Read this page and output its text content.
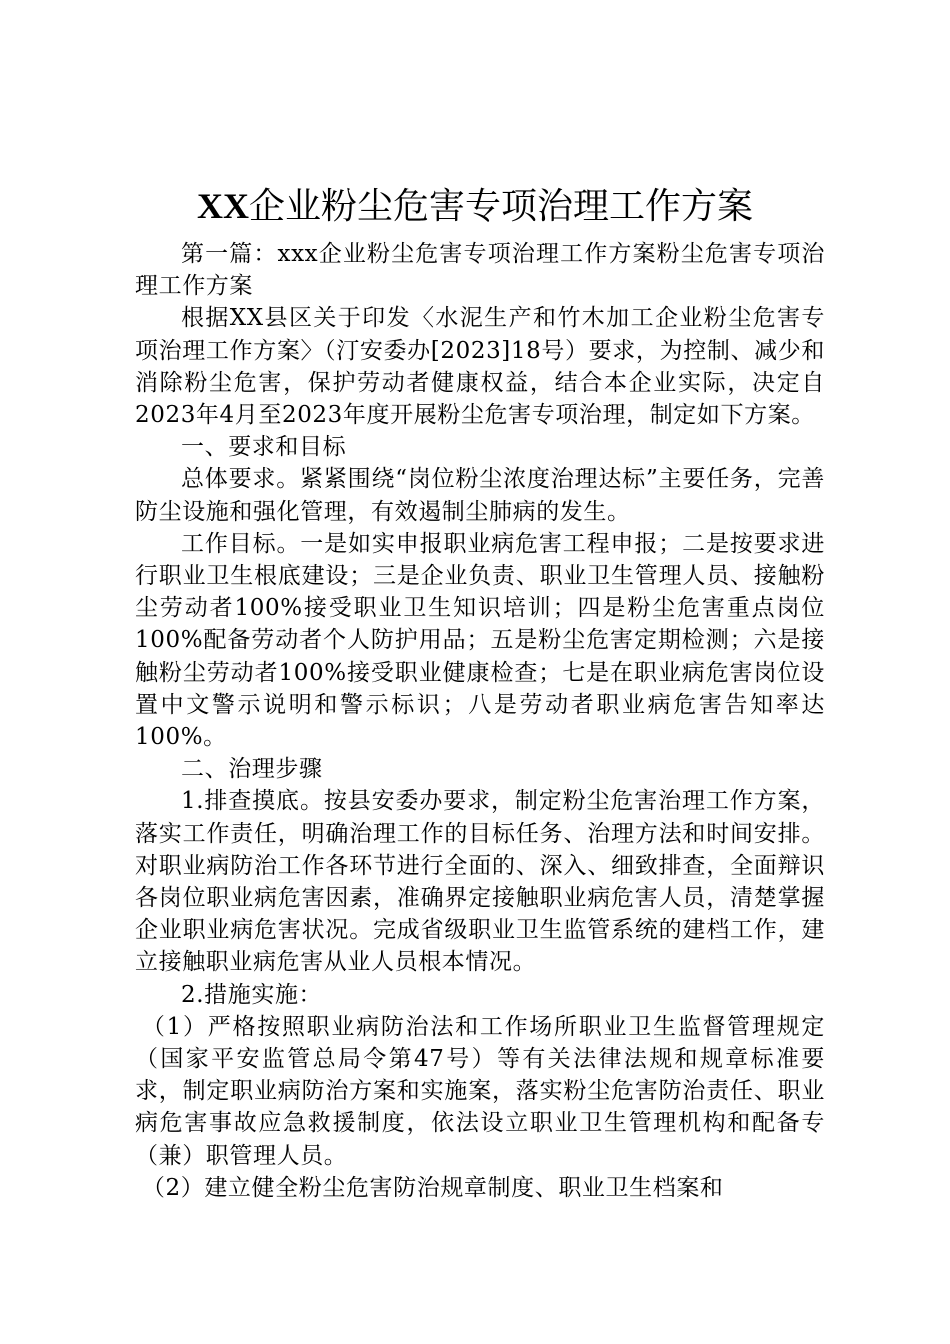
XX企业粉尘危害专项治理工作方案

第一篇：xxx企业粉尘危害专项治理工作方案粉尘危害专项治理工作方案

根据XX县区关于印发〈水泥生产和竹木加工企业粉尘危害专项治理工作方案〉（汀安委办[2023]18号）要求，为控制、减少和消除粉尘危害，保护劳动者健康权益，结合本企业实际，决定自2023年4月至2023年度开展粉尘危害专项治理，制定如下方案。

一、要求和目标

总体要求。紧紧围绕“岗位粉尘浓度治理达标”主要任务，完善防尘设施和强化管理，有效遏制尘肺病的发生。

工作目标。一是如实申报职业病危害工程申报；二是按要求进行职业卫生根底建设；三是企业负责、职业卫生管理人员、接触粉尘劳动者100%接受职业卫生知识培训；四是粉尘危害重点岗位100%配备劳动者个人防护用品；五是粉尘危害定期检测；六是接触粉尘劳动者100%接受职业健康检查；七是在职业病危害岗位设置中文警示说明和警示标识；八是劳动者职业病危害告知率达100%。

二、治理步骤

1.排查摸底。按县安委办要求，制定粉尘危害治理工作方案，落实工作责任，明确治理工作的目标任务、治理方法和时间安排。对职业病防治工作各环节进行全面的、深入、细致排查，全面辩识各岗位职业病危害因素，准确界定接触职业病危害人员，清楚掌握企业职业病危害状况。完成省级职业卫生监管系统的建档工作，建立接触职业病危害从业人员根本情况。

2.措施实施：

（1）严格按照职业病防治法和工作场所职业卫生监督管理规定（国家平安监管总局令第47号）等有关法律法规和规章标准要求，制定职业病防治方案和实施案，落实粉尘危害防治责任、职业病危害事故应急救援制度，依法设立职业卫生管理机构和配备专（兼）职管理人员。

（2）建立健全粉尘危害防治规章制度、职业卫生档案和
